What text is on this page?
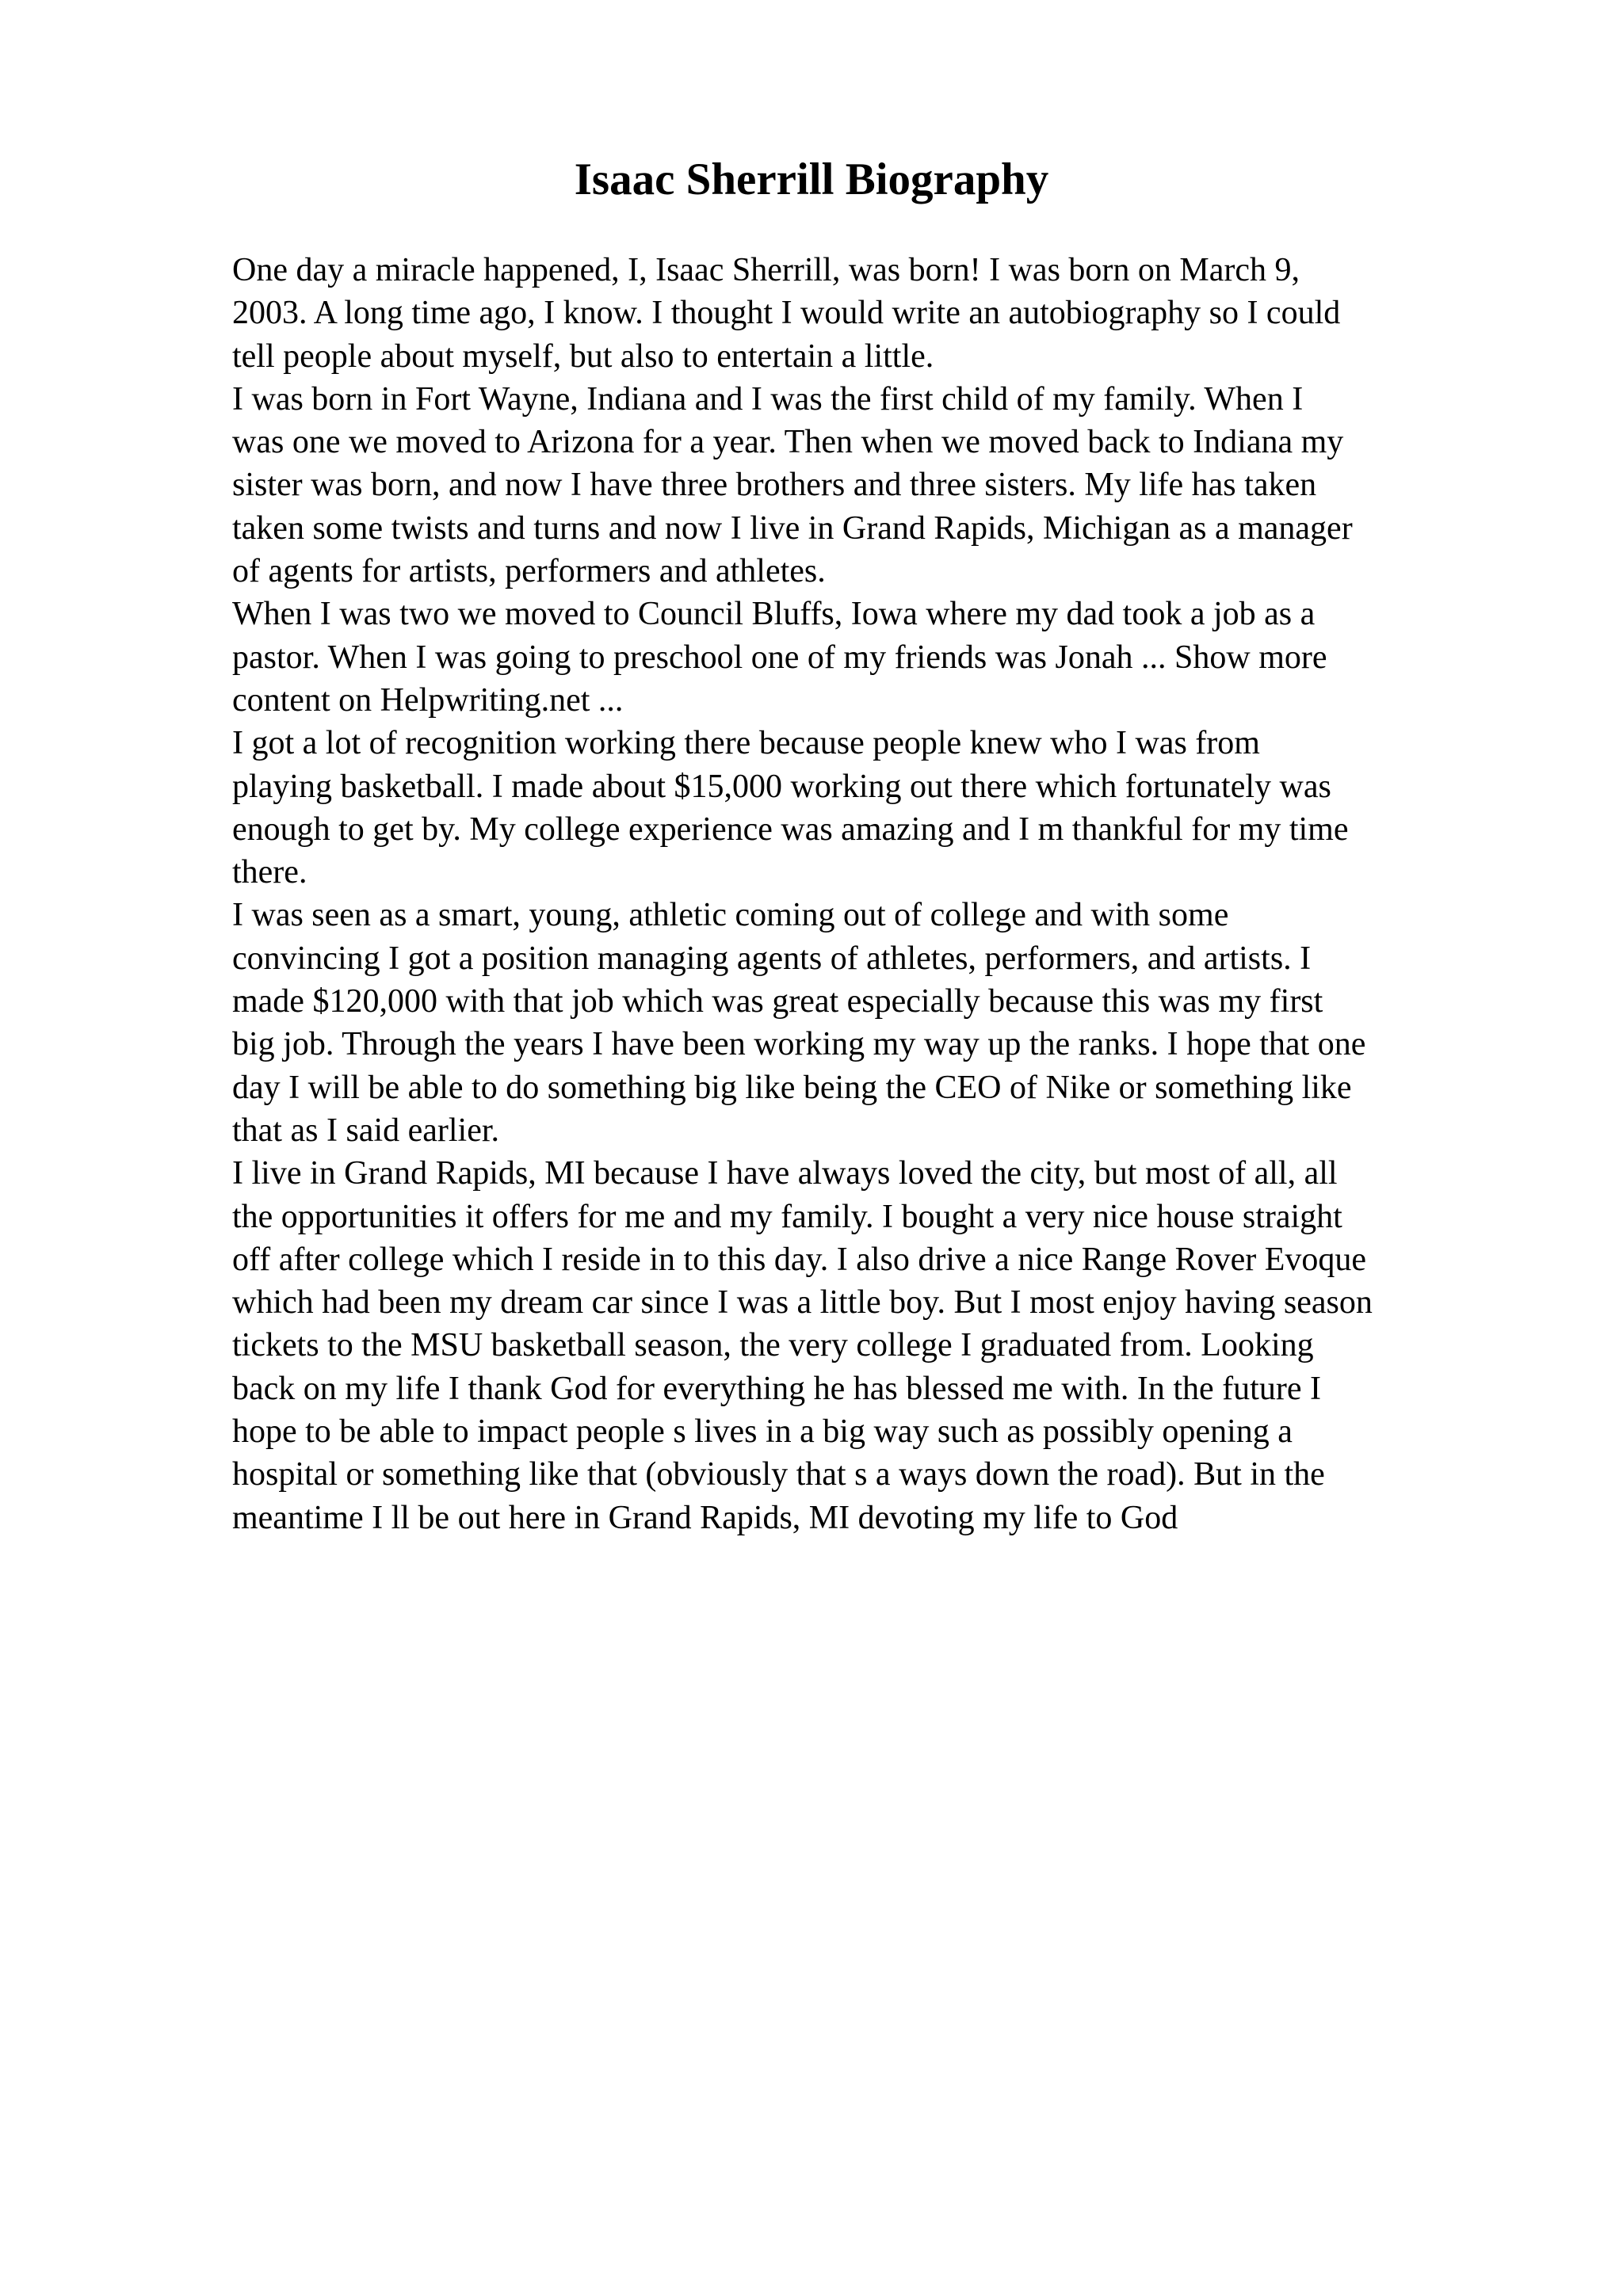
Isaac Sherrill Biography
One day a miracle happened, I, Isaac Sherrill, was born! I was born on March 9,
2003. A long time ago, I know. I thought I would write an autobiography so I could
tell people about myself, but also to entertain a little.
I was born in Fort Wayne, Indiana and I was the first child of my family. When I
was one we moved to Arizona for a year. Then when we moved back to Indiana my
sister was born, and now I have three brothers and three sisters. My life has taken
taken some twists and turns and now I live in Grand Rapids, Michigan as a manager
of agents for artists, performers and athletes.
When I was two we moved to Council Bluffs, Iowa where my dad took a job as a
pastor. When I was going to preschool one of my friends was Jonah ... Show more
content on Helpwriting.net ...
I got a lot of recognition working there because people knew who I was from
playing basketball. I made about $15,000 working out there which fortunately was
enough to get by. My college experience was amazing and I m thankful for my time
there.
I was seen as a smart, young, athletic coming out of college and with some
convincing I got a position managing agents of athletes, performers, and artists. I
made $120,000 with that job which was great especially because this was my first
big job. Through the years I have been working my way up the ranks. I hope that one
day I will be able to do something big like being the CEO of Nike or something like
that as I said earlier.
I live in Grand Rapids, MI because I have always loved the city, but most of all, all
the opportunities it offers for me and my family. I bought a very nice house straight
off after college which I reside in to this day. I also drive a nice Range Rover Evoque
which had been my dream car since I was a little boy. But I most enjoy having season
tickets to the MSU basketball season, the very college I graduated from. Looking
back on my life I thank God for everything he has blessed me with. In the future I
hope to be able to impact people s lives in a big way such as possibly opening a
hospital or something like that (obviously that s a ways down the road). But in the
meantime I ll be out here in Grand Rapids, MI devoting my life to God
